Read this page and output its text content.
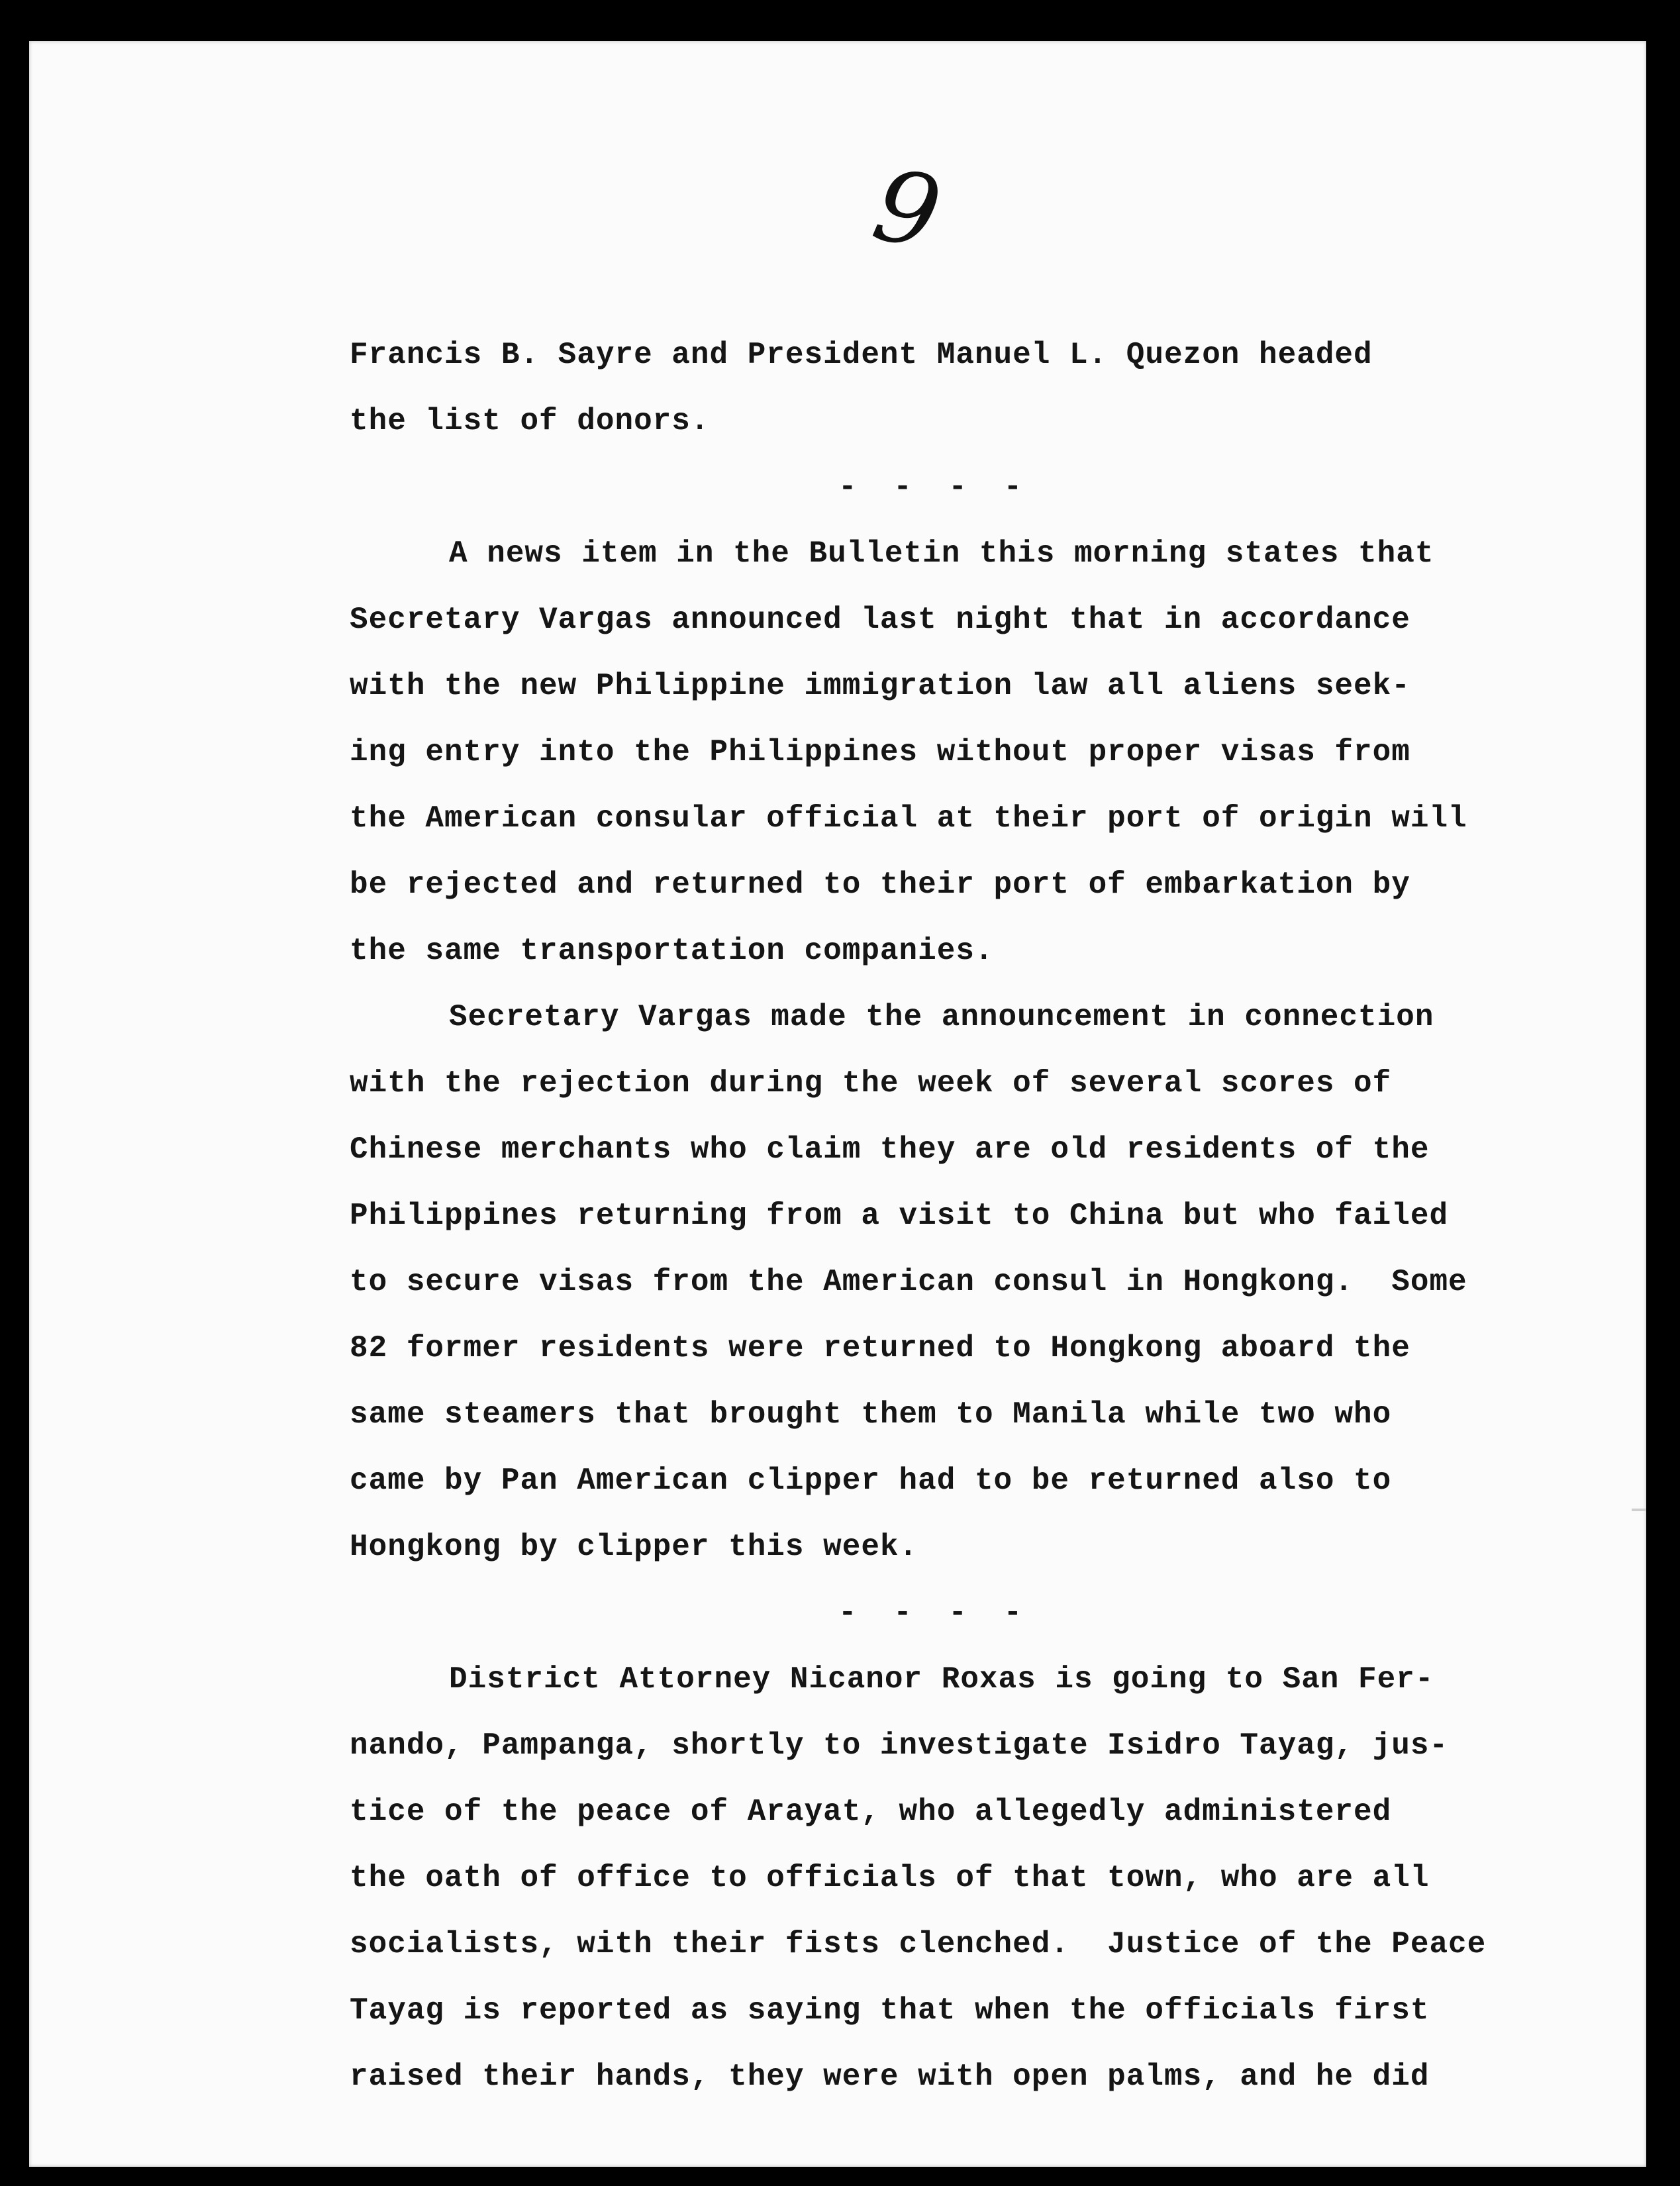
9
Francis B. Sayre and President Manuel L. Quezon headed
the list of donors.
- - - -
A news item in the Bulletin this morning states that
Secretary Vargas announced last night that in accordance
with the new Philippine immigration law all aliens seek-
ing entry into the Philippines without proper visas from
the American consular official at their port of origin will
be rejected and returned to their port of embarkation by
the same transportation companies.
Secretary Vargas made the announcement in connection
with the rejection during the week of several scores of
Chinese merchants who claim they are old residents of the
Philippines returning from a visit to China but who failed
to secure visas from the American consul in Hongkong.  Some
82 former residents were returned to Hongkong aboard the
same steamers that brought them to Manila while two who
came by Pan American clipper had to be returned also to
Hongkong by clipper this week.
- - - -
District Attorney Nicanor Roxas is going to San Fer-
nando, Pampanga, shortly to investigate Isidro Tayag, jus-
tice of the peace of Arayat, who allegedly administered
the oath of office to officials of that town, who are all
socialists, with their fists clenched.  Justice of the Peace
Tayag is reported as saying that when the officials first
raised their hands, they were with open palms, and he did
